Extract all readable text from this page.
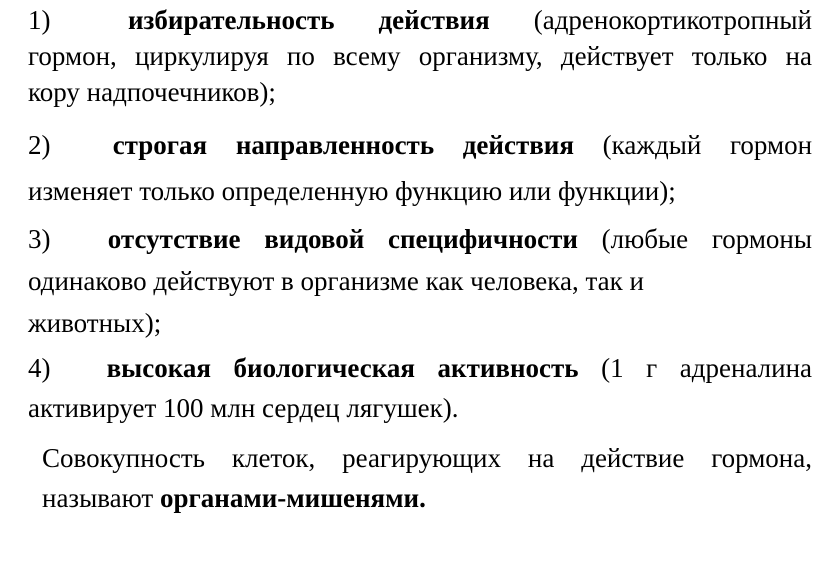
1)	избирательность действия (адренокортикотропный
гормон, циркулируя по всему организму, действует только на
кору надпочечников);
2) строгая направленность действия (каждый гормон
изменяет только определенную функцию или функции);
3) отсутствие видовой специфичности (любые гормоны
одинаково действуют в организме как человека, так и
животных);
4) высокая биологическая активность (1 г адреналина
активирует 100 млн сердец лягушек).
Совокупность клеток, реагирующих на действие гормона,
называют органами-мишенями.
